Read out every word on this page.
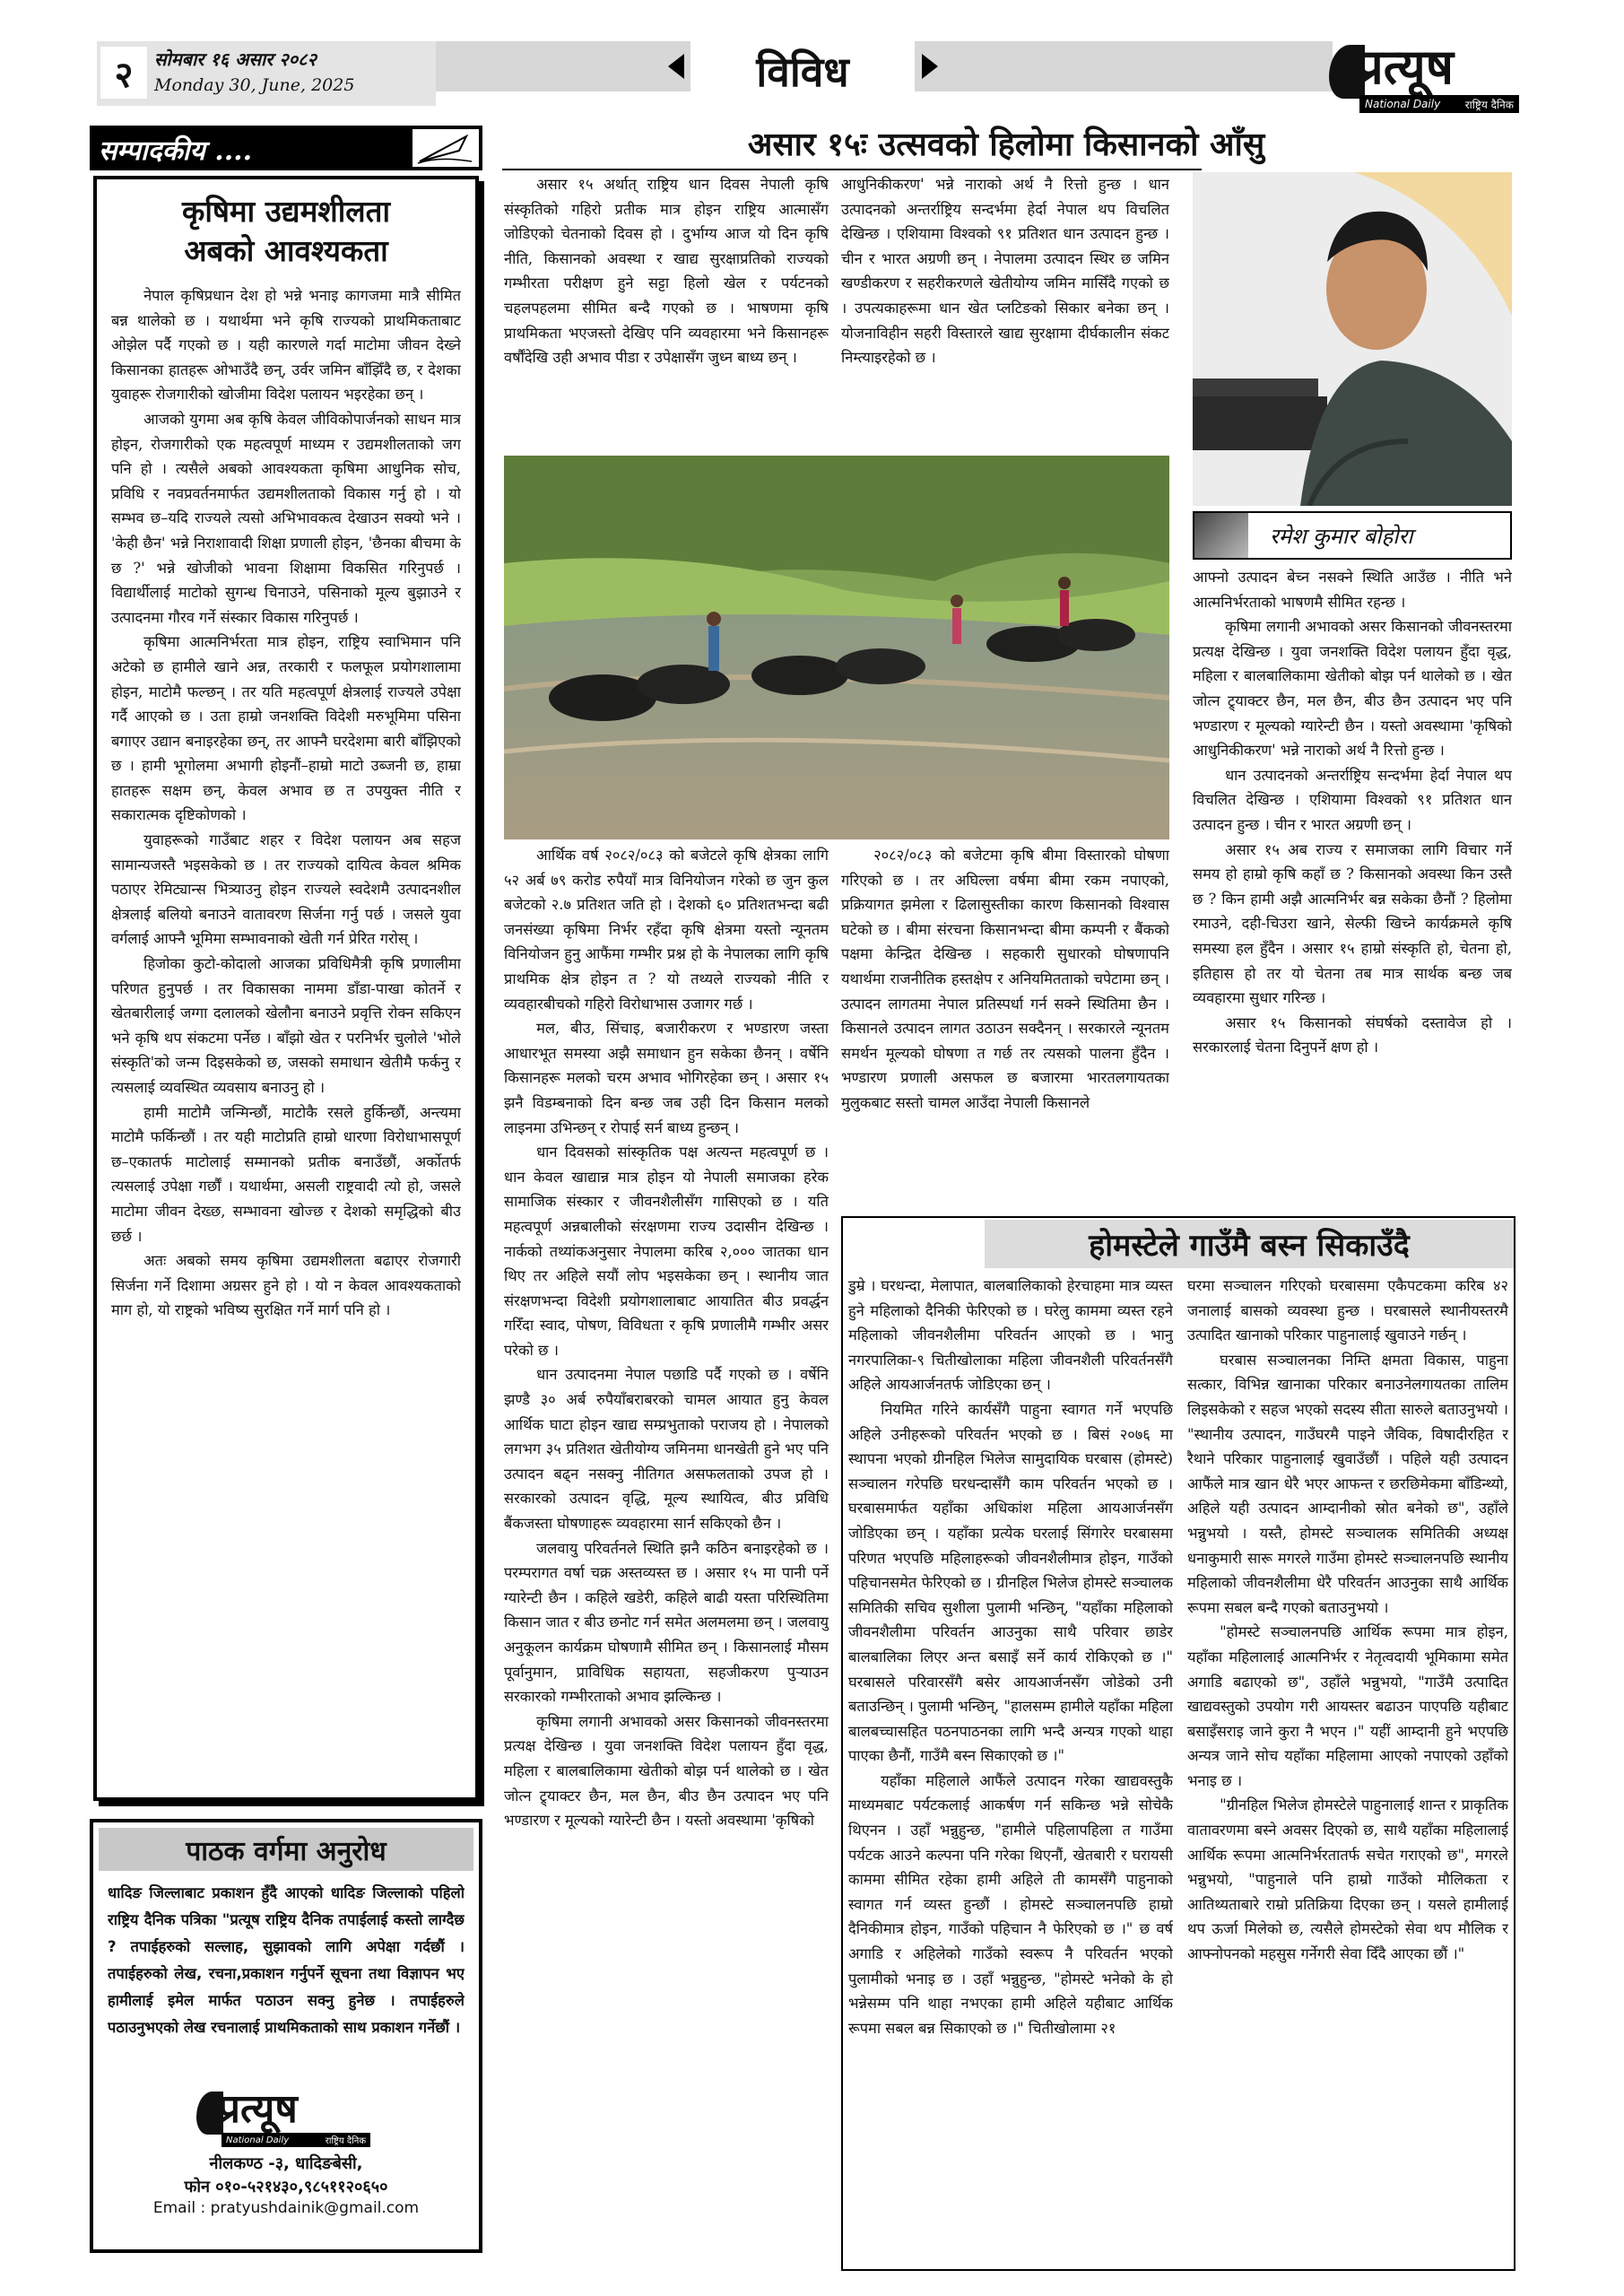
२ सोमबार १६ असार २०८२
Monday 30, June, 2025	विविध	प्रत्यूष
National Daily राष्ट्रिय दैनिक
सम्पादकीय ....
कृषिमा उद्यमशीलता
अबको आवश्यकता

नेपाल कृषिप्रधान देश हो भन्ने भनाइ कागजमा मात्रै सीमित बन्न थालेको छ । यथार्थमा भने कृषि राज्यको प्राथमिकताबाट ओझेल पर्दै गएको छ । यही कारणले गर्दा माटोमा जीवन देख्ने किसानका हातहरू ओभाउँदै छन्, उर्वर जमिन बाँझिँदै छ, र देशका युवाहरू रोजगारीको खोजीमा विदेश पलायन भइरहेका छन् ।

आजको युगमा अब कृषि केवल जीविकोपार्जनको साधन मात्र होइन, रोजगारीको एक महत्वपूर्ण माध्यम र उद्यमशीलताको जग पनि हो । त्यसैले अबको आवश्यकता कृषिमा आधुनिक सोच, प्रविधि र नवप्रवर्तनमार्फत उद्यमशीलताको विकास गर्नु हो । यो सम्भव छ–यदि राज्यले त्यसो अभिभावकत्व देखाउन सक्यो भने । 'केही छैन' भन्ने निराशावादी शिक्षा प्रणाली होइन, 'छैनका बीचमा के छ ?' भन्ने खोजीको भावना शिक्षामा विकसित गरिनुपर्छ । विद्यार्थीलाई माटोको सुगन्ध चिनाउने, पसिनाको मूल्य बुझाउने र उत्पादनमा गौरव गर्ने संस्कार विकास गरिनुपर्छ ।

कृषिमा आत्मनिर्भरता मात्र होइन, राष्ट्रिय स्वाभिमान पनि अटेको छ हामीले खाने अन्न, तरकारी र फलफूल प्रयोगशालामा होइन, माटोमै फल्छन् । तर यति महत्वपूर्ण क्षेत्रलाई राज्यले उपेक्षा गर्दै आएको छ । उता हाम्रो जनशक्ति विदेशी मरुभूमिमा पसिना बगाएर उद्यान बनाइरहेका छन्, तर आफ्नै घरदेशमा बारी बाँझिएको छ । हामी भूगोलमा अभागी होइनौं–हाम्रो माटो उब्जनी छ, हाम्रा हातहरू सक्षम छन्, केवल अभाव छ त उपयुक्त नीति र सकारात्मक दृष्टिकोणको ।

युवाहरूको गाउँबाट शहर र विदेश पलायन अब सहज सामान्यजस्तै भइसकेको छ । तर राज्यको दायित्व केवल श्रमिक पठाएर रेमिट्यान्स भित्र्याउनु होइन राज्यले स्वदेशमै उत्पादनशील क्षेत्रलाई बलियो बनाउने वातावरण सिर्जना गर्नु पर्छ । जसले युवा वर्गलाई आफ्नै भूमिमा सम्भावनाको खेती गर्न प्रेरित गरोस् ।

हिजोका कुटो-कोदालो आजका प्रविधिमैत्री कृषि प्रणालीमा परिणत हुनुपर्छ । तर विकासका नाममा डाँडा-पाखा कोतर्ने र खेतबारीलाई जग्गा दलालको खेलौना बनाउने प्रवृत्ति रोक्न सकिएन भने कृषि थप संकटमा पर्नेछ । बाँझो खेत र परनिर्भर चुलोले 'भोले संस्कृति'को जन्म दिइसकेको छ, जसको समाधान खेतीमै फर्कनु र त्यसलाई व्यवस्थित व्यवसाय बनाउनु हो ।

हामी माटोमै जन्मिन्छौं, माटोकै रसले हुर्किन्छौं, अन्त्यमा माटोमै फर्किन्छौं । तर यही माटोप्रति हाम्रो धारणा विरोधाभासपूर्ण छ–एकातर्फ माटोलाई सम्मानको प्रतीक बनाउँछौं, अर्कोतर्फ त्यसलाई उपेक्षा गर्छौं । यथार्थमा, असली राष्ट्रवादी त्यो हो, जसले माटोमा जीवन देख्छ, सम्भावना खोज्छ र देशको समृद्धिको बीउ छर्छ ।

अतः अबको समय कृषिमा उद्यमशीलता बढाएर रोजगारी सिर्जना गर्ने दिशामा अग्रसर हुने हो । यो न केवल आवश्यकताको माग हो, यो राष्ट्रको भविष्य सुरक्षित गर्ने मार्ग पनि हो ।

पाठक वर्गमा अनुरोध
धादिङ जिल्लाबाट प्रकाशन हुँदै आएको धादिङ जिल्लाको पहिलो राष्ट्रिय दैनिक पत्रिका "प्रत्यूष राष्ट्रिय दैनिक तपाईलाई कस्तो लाग्दैछ ? तपाईहरुको सल्लाह, सुझावको लागि अपेक्षा गर्दछौं । तपाईहरुको लेख, रचना,प्रकाशन गर्नुपर्ने सूचना तथा विज्ञापन भए हामीलाई इमेल मार्फत पठाउन सक्नु हुनेछ । तपाईहरुले पठाउनुभएको लेख रचनालाई प्राथमिकताको साथ प्रकाशन गर्नेछौं ।
प्रत्यूष
National Daily	राष्ट्रिय दैनिक
नीलकण्ठ -३, धादिङबेसी,
फोन ०१०-५२१४३०,९८५११२०६५०
Email : pratyushdainik@gmail.com
असार १५ः उत्सवको हिलोमा किसानको आँसु

असार १५ अर्थात् राष्ट्रिय धान दिवस नेपाली कृषि संस्कृतिको गहिरो प्रतीक मात्र होइन राष्ट्रिय आत्मासँग जोडिएको चेतनाको दिवस हो । दुर्भाग्य आज यो दिन कृषि नीति, किसानको अवस्था र खाद्य सुरक्षाप्रतिको राज्यको गम्भीरता परीक्षण हुने सट्टा हिलो खेल र पर्यटनको चहलपहलमा सीमित बन्दै गएको छ । भाषणमा कृषि प्राथमिकता भएजस्तो देखिए पनि व्यवहारमा भने किसानहरू वर्षौंदेखि उही अभाव पीडा र उपेक्षासँग जुध्न बाध्य छन् ।

आधुनिकीकरण' भन्ने नाराको अर्थ नै रित्तो हुन्छ । धान उत्पादनको अन्तर्राष्ट्रिय सन्दर्भमा हेर्दा नेपाल थप विचलित देखिन्छ । एशियामा विश्वको ९१ प्रतिशत धान उत्पादन हुन्छ । चीन र भारत अग्रणी छन् । नेपालमा उत्पादन स्थिर छ जमिन खण्डीकरण र सहरीकरणले खेतीयोग्य जमिन मासिँदै गएको छ । उपत्यकाहरूमा धान खेत प्लटिङको सिकार बनेका छन् । योजनाविहीन सहरी विस्तारले खाद्य सुरक्षामा दीर्घकालीन संकट निम्त्याइरहेको छ ।

आर्थिक वर्ष २०८२/०८३ को बजेटले कृषि क्षेत्रका लागि ५२ अर्ब ७९ करोड रुपैयाँ मात्र विनियोजन गरेको छ जुन कुल बजेटको २.७ प्रतिशत जति हो । देशको ६० प्रतिशतभन्दा बढी जनसंख्या कृषिमा निर्भर रहँदा कृषि क्षेत्रमा यस्तो न्यूनतम विनियोजन हुनु आफैंमा गम्भीर प्रश्न हो के नेपालका लागि कृषि प्राथमिक क्षेत्र होइन त ? यो तथ्यले राज्यको नीति र व्यवहारबीचको गहिरो विरोधाभास उजागर गर्छ ।

मल, बीउ, सिंचाइ, बजारीकरण र भण्डारण जस्ता आधारभूत समस्या अझै समाधान हुन सकेका छैनन् । वर्षेनि किसानहरू मलको चरम अभाव भोगिरहेका छन् । असार १५ झनै विडम्बनाको दिन बन्छ जब उही दिन किसान मलको लाइनमा उभिन्छन् र रोपाई सर्न बाध्य हुन्छन् ।

धान दिवसको सांस्कृतिक पक्ष अत्यन्त महत्वपूर्ण छ । धान केवल खाद्यान्न मात्र होइन यो नेपाली समाजका हरेक सामाजिक संस्कार र जीवनशैलीसँग गासिएको छ । यति महत्वपूर्ण अन्नबालीको संरक्षणमा राज्य उदासीन देखिन्छ । नार्कको तथ्यांकअनुसार नेपालमा करिब २,००० जातका धान थिए तर अहिले सयौं लोप भइसकेका छन् । स्थानीय जात संरक्षणभन्दा विदेशी प्रयोगशालाबाट आयातित बीउ प्रवर्द्धन गरिँदा स्वाद, पोषण, विविधता र कृषि प्रणालीमै गम्भीर असर परेको छ ।

धान उत्पादनमा नेपाल पछाडि पर्दै गएको छ । वर्षेनि झण्डै ३० अर्ब रुपैयाँबराबरको चामल आयात हुनु केवल आर्थिक घाटा होइन खाद्य सम्प्रभुताको पराजय हो । नेपालको लगभग ३५ प्रतिशत खेतीयोग्य जमिनमा धानखेती हुने भए पनि उत्पादन बढ्न नसक्नु नीतिगत असफलताको उपज हो । सरकारको उत्पादन वृद्धि, मूल्य स्थायित्व, बीउ प्रविधि बैंकजस्ता घोषणाहरू व्यवहारमा सार्न सकिएको छैन ।

जलवायु परिवर्तनले स्थिति झनै कठिन बनाइरहेको छ । परम्परागत वर्षा चक्र अस्तव्यस्त छ । असार १५ मा पानी पर्ने ग्यारेन्टी छैन । कहिले खडेरी, कहिले बाढी यस्ता परिस्थितिमा किसान जात र बीउ छनोट गर्न समेत अलमलमा छन् । जलवायु अनुकूलन कार्यक्रम घोषणामै सीमित छन् । किसानलाई मौसम पूर्वानुमान, प्राविधिक सहायता, सहजीकरण पुर्‍याउन सरकारको गम्भीरताको अभाव झल्किन्छ ।

कृषिमा लगानी अभावको असर किसानको जीवनस्तरमा प्रत्यक्ष देखिन्छ । युवा जनशक्ति विदेश पलायन हुँदा वृद्ध, महिला र बालबालिकामा खेतीको बोझ पर्न थालेको छ । खेत जोत्न ट्र्याक्टर छैन, मल छैन, बीउ छैन उत्पादन भए पनि भण्डारण र मूल्यको ग्यारेन्टी छैन । यस्तो अवस्थामा 'कृषिको

२०८२/०८३ को बजेटमा कृषि बीमा विस्तारको घोषणा गरिएको छ । तर अघिल्ला वर्षमा बीमा रकम नपाएको, प्रक्रियागत झमेला र ढिलासुस्तीका कारण किसानको विश्वास घटेको छ । बीमा संरचना किसानभन्दा बीमा कम्पनी र बैंकको पक्षमा केन्द्रित देखिन्छ । सहकारी सुधारको घोषणापनि यथार्थमा राजनीतिक हस्तक्षेप र अनियमितताको चपेटामा छन् । उत्पादन लागतमा नेपाल प्रतिस्पर्धा गर्न सक्ने स्थितिमा छैन । किसानले उत्पादन लागत उठाउन सक्दैनन् । सरकारले न्यूनतम समर्थन मूल्यको घोषणा त गर्छ तर त्यसको पालना हुँदैन । भण्डारण प्रणाली असफल छ बजारमा भारतलगायतका मुलुकबाट सस्तो चामल आउँदा नेपाली किसानले

रमेश कुमार बोहोरा

आफ्नो उत्पादन बेच्न नसक्ने स्थिति आउँछ । नीति भने आत्मनिर्भरताको भाषणमै सीमित रहन्छ ।

कृषिमा लगानी अभावको असर किसानको जीवनस्तरमा प्रत्यक्ष देखिन्छ । युवा जनशक्ति विदेश पलायन हुँदा वृद्ध, महिला र बालबालिकामा खेतीको बोझ पर्न थालेको छ । खेत जोत्न ट्र्याक्टर छैन, मल छैन, बीउ छैन उत्पादन भए पनि भण्डारण र मूल्यको ग्यारेन्टी छैन । यस्तो अवस्थामा 'कृषिको आधुनिकीकरण' भन्ने नाराको अर्थ नै रित्तो हुन्छ ।

धान उत्पादनको अन्तर्राष्ट्रिय सन्दर्भमा हेर्दा नेपाल थप विचलित देखिन्छ । एशियामा विश्वको ९१ प्रतिशत धान उत्पादन हुन्छ । चीन र भारत अग्रणी छन् ।

असार १५ अब राज्य र समाजका लागि विचार गर्ने समय हो हाम्रो कृषि कहाँ छ ? किसानको अवस्था किन उस्तै छ ? किन हामी अझै आत्मनिर्भर बन्न सकेका छैनौं ? हिलोमा रमाउने, दही-चिउरा खाने, सेल्फी खिच्ने कार्यक्रमले कृषि समस्या हल हुँदैन । असार १५ हाम्रो संस्कृति हो, चेतना हो, इतिहास हो तर यो चेतना तब मात्र सार्थक बन्छ जब व्यवहारमा सुधार गरिन्छ ।

असार १५ किसानको संघर्षको दस्तावेज हो । सरकारलाई चेतना दिनुपर्ने क्षण हो ।

होमस्टेले गाउँमै बस्न सिकाउँदै

डुम्रे । घरधन्दा, मेलापात, बालबालिकाको हेरचाहमा मात्र व्यस्त हुने महिलाको दैनिकी फेरिएको छ । घरेलु काममा व्यस्त रहने महिलाको जीवनशैलीमा परिवर्तन आएको छ । भानु नगरपालिका-९ चितीखोलाका महिला जीवनशैली परिवर्तनसँगै अहिले आयआर्जनतर्फ जोडिएका छन् ।

नियमित गरिने कार्यसँगै पाहुना स्वागत गर्ने भएपछि अहिले उनीहरूको परिवर्तन भएको छ । बिसं २०७६ मा स्थापना भएको ग्रीनहिल भिलेज सामुदायिक घरबास (होमस्टे) सञ्चालन गरेपछि घरधन्दासँगै काम परिवर्तन भएको छ । घरबासमार्फत यहाँका अधिकांश महिला आयआर्जनसँग जोडिएका छन् । यहाँका प्रत्येक घरलाई सिंगारेर घरबासमा परिणत भएपछि महिलाहरूको जीवनशैलीमात्र होइन, गाउँको पहिचानसमेत फेरिएको छ । ग्रीनहिल भिलेज होमस्टे सञ्चालक समितिकी सचिव सुशीला पुलामी भन्छिन्, "यहाँका महिलाको जीवनशैलीमा परिवर्तन आउनुका साथै परिवार छाडेर बालबालिका लिएर अन्त बसाइँ सर्ने कार्य रोकिएको छ ।" घरबासले परिवारसँगै बसेर आयआर्जनसँग जोडेको उनी बताउन्छिन् । पुलामी भन्छिन्, "हालसम्म हामीले यहाँका महिला बालबच्चासहित पठनपाठनका लागि भन्दै अन्यत्र गएको थाहा पाएका छैनौं, गाउँमै बस्न सिकाएको छ ।"

यहाँका महिलाले आफैंले उत्पादन गरेका खाद्यवस्तुकै माध्यमबाट पर्यटकलाई आकर्षण गर्न सकिन्छ भन्ने सोचेकै थिएनन । उहाँ भन्नुहुन्छ, "हामीले पहिलापहिला त गाउँमा पर्यटक आउने कल्पना पनि गरेका थिएनौं, खेतबारी र घरायसी काममा सीमित रहेका हामी अहिले ती कामसँगै पाहुनाको स्वागत गर्न व्यस्त हुन्छौं । होमस्टे सञ्चालनपछि हाम्रो दैनिकीमात्र होइन, गाउँको पहिचान नै फेरिएको छ ।" छ वर्ष अगाडि र अहिलेको गाउँको स्वरूप नै परिवर्तन भएको पुलामीको भनाइ छ । उहाँ भन्नुहुन्छ, "होमस्टे भनेको के हो भन्नेसम्म पनि थाहा नभएका हामी अहिले यहीबाट आर्थिक रूपमा सबल बन्न सिकाएको छ ।" चितीखोलामा २१

घरमा सञ्चालन गरिएको घरबासमा एकैपटकमा करिब ४२ जनालाई बासको व्यवस्था हुन्छ । घरबासले स्थानीयस्तरमै उत्पादित खानाको परिकार पाहुनालाई खुवाउने गर्छन् ।

घरबास सञ्चालनका निम्ति क्षमता विकास, पाहुना सत्कार, विभिन्न खानाका परिकार बनाउनेलगायतका तालिम लिइसकेको र सहज भएको सदस्य सीता सारुले बताउनुभयो । "स्थानीय उत्पादन, गाउँघरमै पाइने जैविक, विषादीरहित र रैथाने परिकार पाहुनालाई खुवाउँछौं । पहिले यही उत्पादन आफैंले मात्र खान धेरै भएर आफन्त र छरछिमेकमा बाँडिन्थ्यो, अहिले यही उत्पादन आम्दानीको स्रोत बनेको छ", उहाँले भन्नुभयो । यस्तै, होमस्टे सञ्चालक समितिकी अध्यक्ष धनाकुमारी सारू मगरले गाउँमा होमस्टे सञ्चालनपछि स्थानीय महिलाको जीवनशैलीमा धेरै परिवर्तन आउनुका साथै आर्थिक रूपमा सबल बन्दै गएको बताउनुभयो ।

"होमस्टे सञ्चालनपछि आर्थिक रूपमा मात्र होइन, यहाँका महिलालाई आत्मनिर्भर र नेतृत्वदायी भूमिकामा समेत अगाडि बढाएको छ", उहाँले भन्नुभयो, "गाउँमै उत्पादित खाद्यवस्तुको उपयोग गरी आयस्तर बढाउन पाएपछि यहीबाट बसाइँसराइ जाने कुरा नै भएन ।" यहीं आम्दानी हुने भएपछि अन्यत्र जाने सोच यहाँका महिलामा आएको नपाएको उहाँको भनाइ छ ।

"ग्रीनहिल भिलेज होमस्टेले पाहुनालाई शान्त र प्राकृतिक वातावरणमा बस्ने अवसर दिएको छ, साथै यहाँका महिलालाई आर्थिक रूपमा आत्मनिर्भरतातर्फ सचेत गराएको छ", मगरले भन्नुभयो, "पाहुनाले पनि हाम्रो गाउँको मौलिकता र आतिथ्यताबारे राम्रो प्रतिक्रिया दिएका छन् । यसले हामीलाई थप ऊर्जा मिलेको छ, त्यसैले होमस्टेको सेवा थप मौलिक र आफ्नोपनको महसुस गर्नेगरी सेवा दिँदै आएका छौं ।"
